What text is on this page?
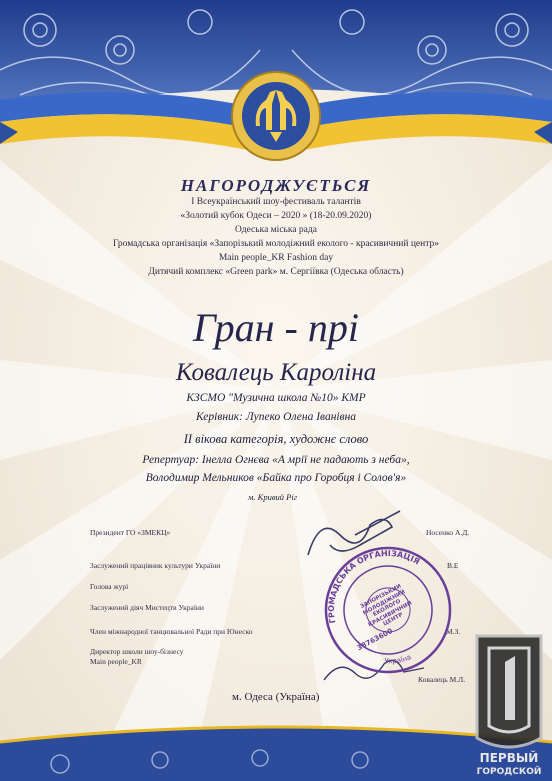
НАГОРОДЖУЄТЬСЯ
І Всеукраїнський шоу-фестиваль талантів
«Золотий кубок Одеси – 2020 » (18-20.09.2020)
Одеська міська рада
Громадська організація «Запорізький молодіжний еколого - красивичний центр»
Main people_KR Fashion day
Дитячий комплекс «Green park» м. Сергіївка (Одеська область)
Гран - прі
Ковалець Кароліна
КЗСМО "Музична школа №10» КМР
Керівник: Лупеко Олена Іванівна
ІІ вікова категорія, художнє слово
Репертуар: Інелла Огнєва «А мрії не падають з неба»,
Володимир Мельников «Байка про Горобця і Солов'я»
м. Кривий Ріг
Президент ГО «ЗМЕКЦ»
Заслужений працівник культури України
Голова журі
Заслужений діяч Мистецтв України
Член міжнародної танцювальної Ради при Юнеско
Директор школи шоу-бізнесу
Main people_KR
Носенко А.Д.
В.Е
М.З.
Ковалець М.Л.
ГРОМАДСЬКА ОРГАНІЗАЦІЯ
Україна
ЗАПОРІЗЬКИЙ МОЛОДІЖНИЙ ЕКОЛОГО КРАСИВИЧНИЙ ЦЕНТР
38763600
м. Одеса (Україна)
ПЕРВЫЙ
ГОРОДСКОЙ
